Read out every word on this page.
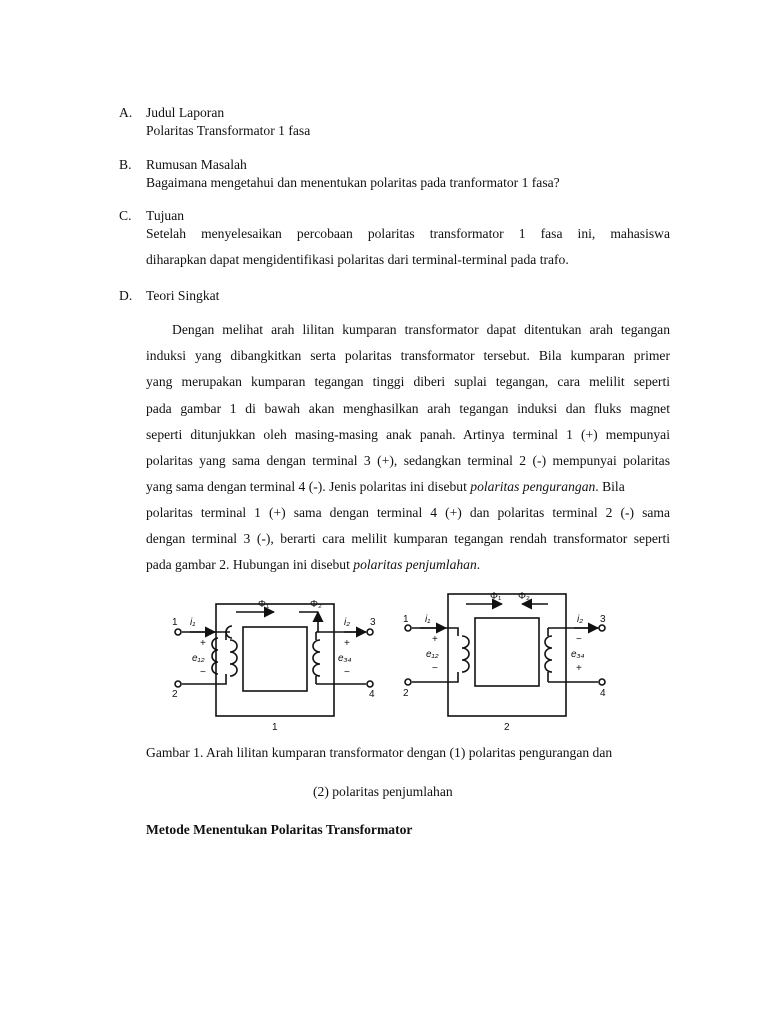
A. Judul Laporan
Polaritas Transformator 1 fasa
B. Rumusan Masalah
Bagaimana mengetahui dan menentukan polaritas pada tranformator 1 fasa?
C. Tujuan
Setelah menyelesaikan percobaan polaritas transformator 1 fasa ini, mahasiswa
diharapkan dapat mengidentifikasi polaritas dari terminal-terminal pada trafo.
D. Teori Singkat
Dengan melihat arah lilitan kumparan transformator dapat ditentukan arah tegangan
induksi yang dibangkitkan serta polaritas transformator tersebut. Bila kumparan primer
yang merupakan kumparan tegangan tinggi diberi suplai tegangan, cara melilit seperti
pada gambar 1 di bawah akan menghasilkan arah tegangan induksi dan fluks magnet
seperti ditunjukkan oleh masing-masing anak panah. Artinya terminal 1 (+) mempunyai
polaritas yang sama dengan terminal 3 (+), sedangkan terminal 2 (-) mempunyai polaritas
yang sama dengan terminal 4 (-). Jenis polaritas ini disebut polaritas pengurangan. Bila
polaritas terminal 1 (+) sama dengan terminal 4 (+) dan polaritas terminal 2 (-) sama
dengan terminal 3 (-), berarti cara melilit kumparan tegangan rendah transformator seperti
pada gambar 2. Hubungan ini disebut polaritas penjumlahan.
1 i₁
Φ₁	Φ₂
i₂ 3
+
e₁₂
−
+
e₃₄
−
2	4
1
1 i₁
Φ₁ Φ₂
i₂ 3
+
e₁₂
−
−
e₃₄
+
2	4
2
Gambar 1. Arah lilitan kumparan transformator dengan (1) polaritas pengurangan dan
(2) polaritas penjumlahan
Metode Menentukan Polaritas Transformator
